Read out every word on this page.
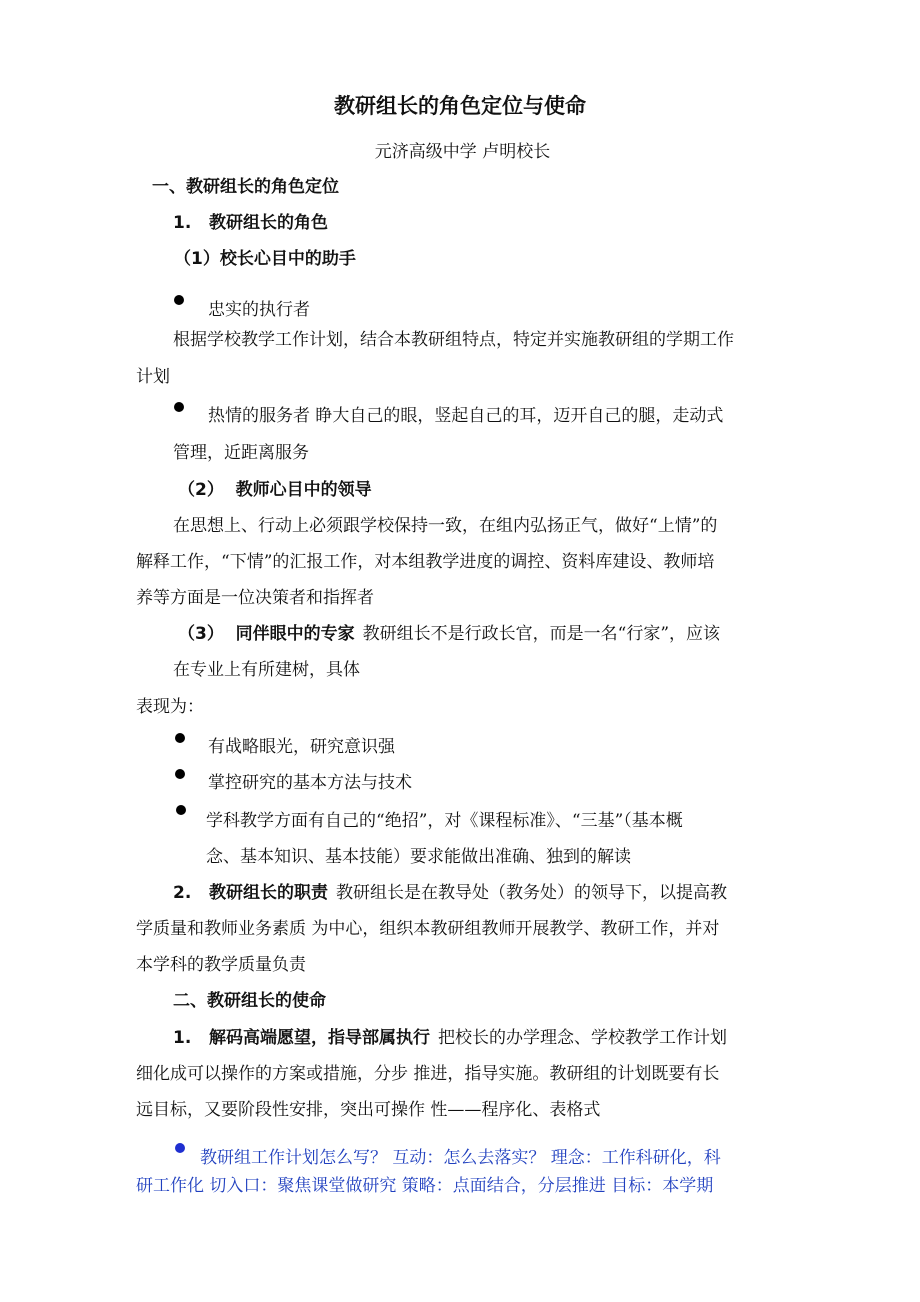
教研组长的角色定位与使命
元济高级中学 卢明校长
一、教研组长的角色定位
1.   教研组长的角色
（1）校长心目中的助手
忠实的执行者
根据学校教学工作计划，结合本教研组特点，特定并实施教研组的学期工作
计划
热情的服务者 睁大自己的眼，竖起自己的耳，迈开自己的腿，走动式
管理，近距离服务
（2）  教师心目中的领导
在思想上、行动上必须跟学校保持一致，在组内弘扬正气，做好“上情”的
解释工作，“下情”的汇报工作，对本组教学进度的调控、资料库建设、教师培
养等方面是一位决策者和指挥者
（3）  同伴眼中的专家 教研组长不是行政长官，而是一名“行家”，应该
在专业上有所建树，具体
表现为：
有战略眼光，研究意识强
掌控研究的基本方法与技术
学科教学方面有自己的“绝招”，对《课程标准》、“三基”（基本概
念、基本知识、基本技能）要求能做出准确、独到的解读
2.   教研组长的职责 教研组长是在教导处（教务处）的领导下，以提高教
学质量和教师业务素质 为中心，组织本教研组教师开展教学、教研工作，并对
本学科的教学质量负责
二、教研组长的使命
1.   解码高端愿望，指导部属执行 把校长的办学理念、学校教学工作计划
细化成可以操作的方案或措施，分步 推进，指导实施。教研组的计划既要有长
远目标，又要阶段性安排，突出可操作 性——程序化、表格式
教研组工作计划怎么写？ 互动：怎么去落实？ 理念：工作科研化，科
研工作化 切入口：聚焦课堂做研究 策略：点面结合，分层推进 目标：本学期
